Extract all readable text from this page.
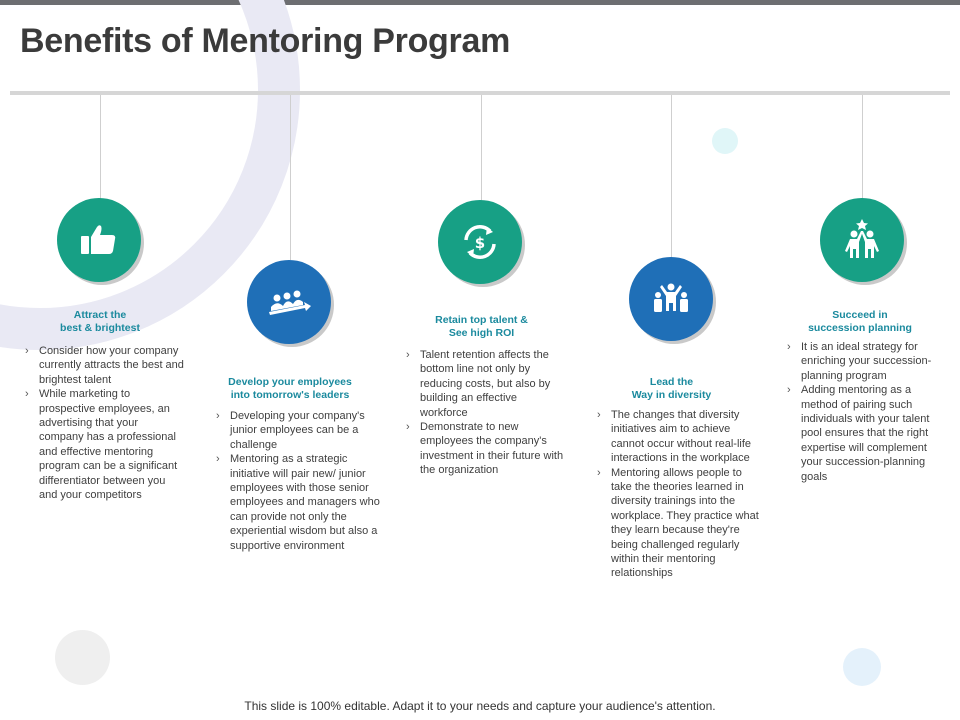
Benefits of Mentoring Program
Attract the
best & brightest
› Consider how your company currently attracts the best and brightest talent
› While marketing to prospective employees, an advertising that your company has a professional and effective mentoring program can be a significant differentiator between you and your competitors
Develop your employees
into tomorrow's leaders
› Developing your company's junior employees can be a challenge
› Mentoring as a strategic initiative will pair new/ junior employees with those senior employees and managers who can provide not only the experiential wisdom but also a supportive environment
$
Retain top talent &
See high ROI
› Talent retention affects the bottom line not only by reducing costs, but also by building an effective workforce
› Demonstrate to new employees the company's investment in their future with the organization
Lead the
Way in diversity
› The changes that diversity initiatives aim to achieve cannot occur without real-life interactions in the workplace
› Mentoring allows people to take the theories learned in diversity trainings into the workplace. They practice what they learn because they're being challenged regularly within their mentoring relationships
Succeed in
succession planning
› It is an ideal strategy for enriching your succession-planning program
› Adding mentoring as a method of pairing such individuals with your talent pool ensures that the right expertise will complement your succession-planning goals
This slide is 100% editable. Adapt it to your needs and capture your audience's attention.
